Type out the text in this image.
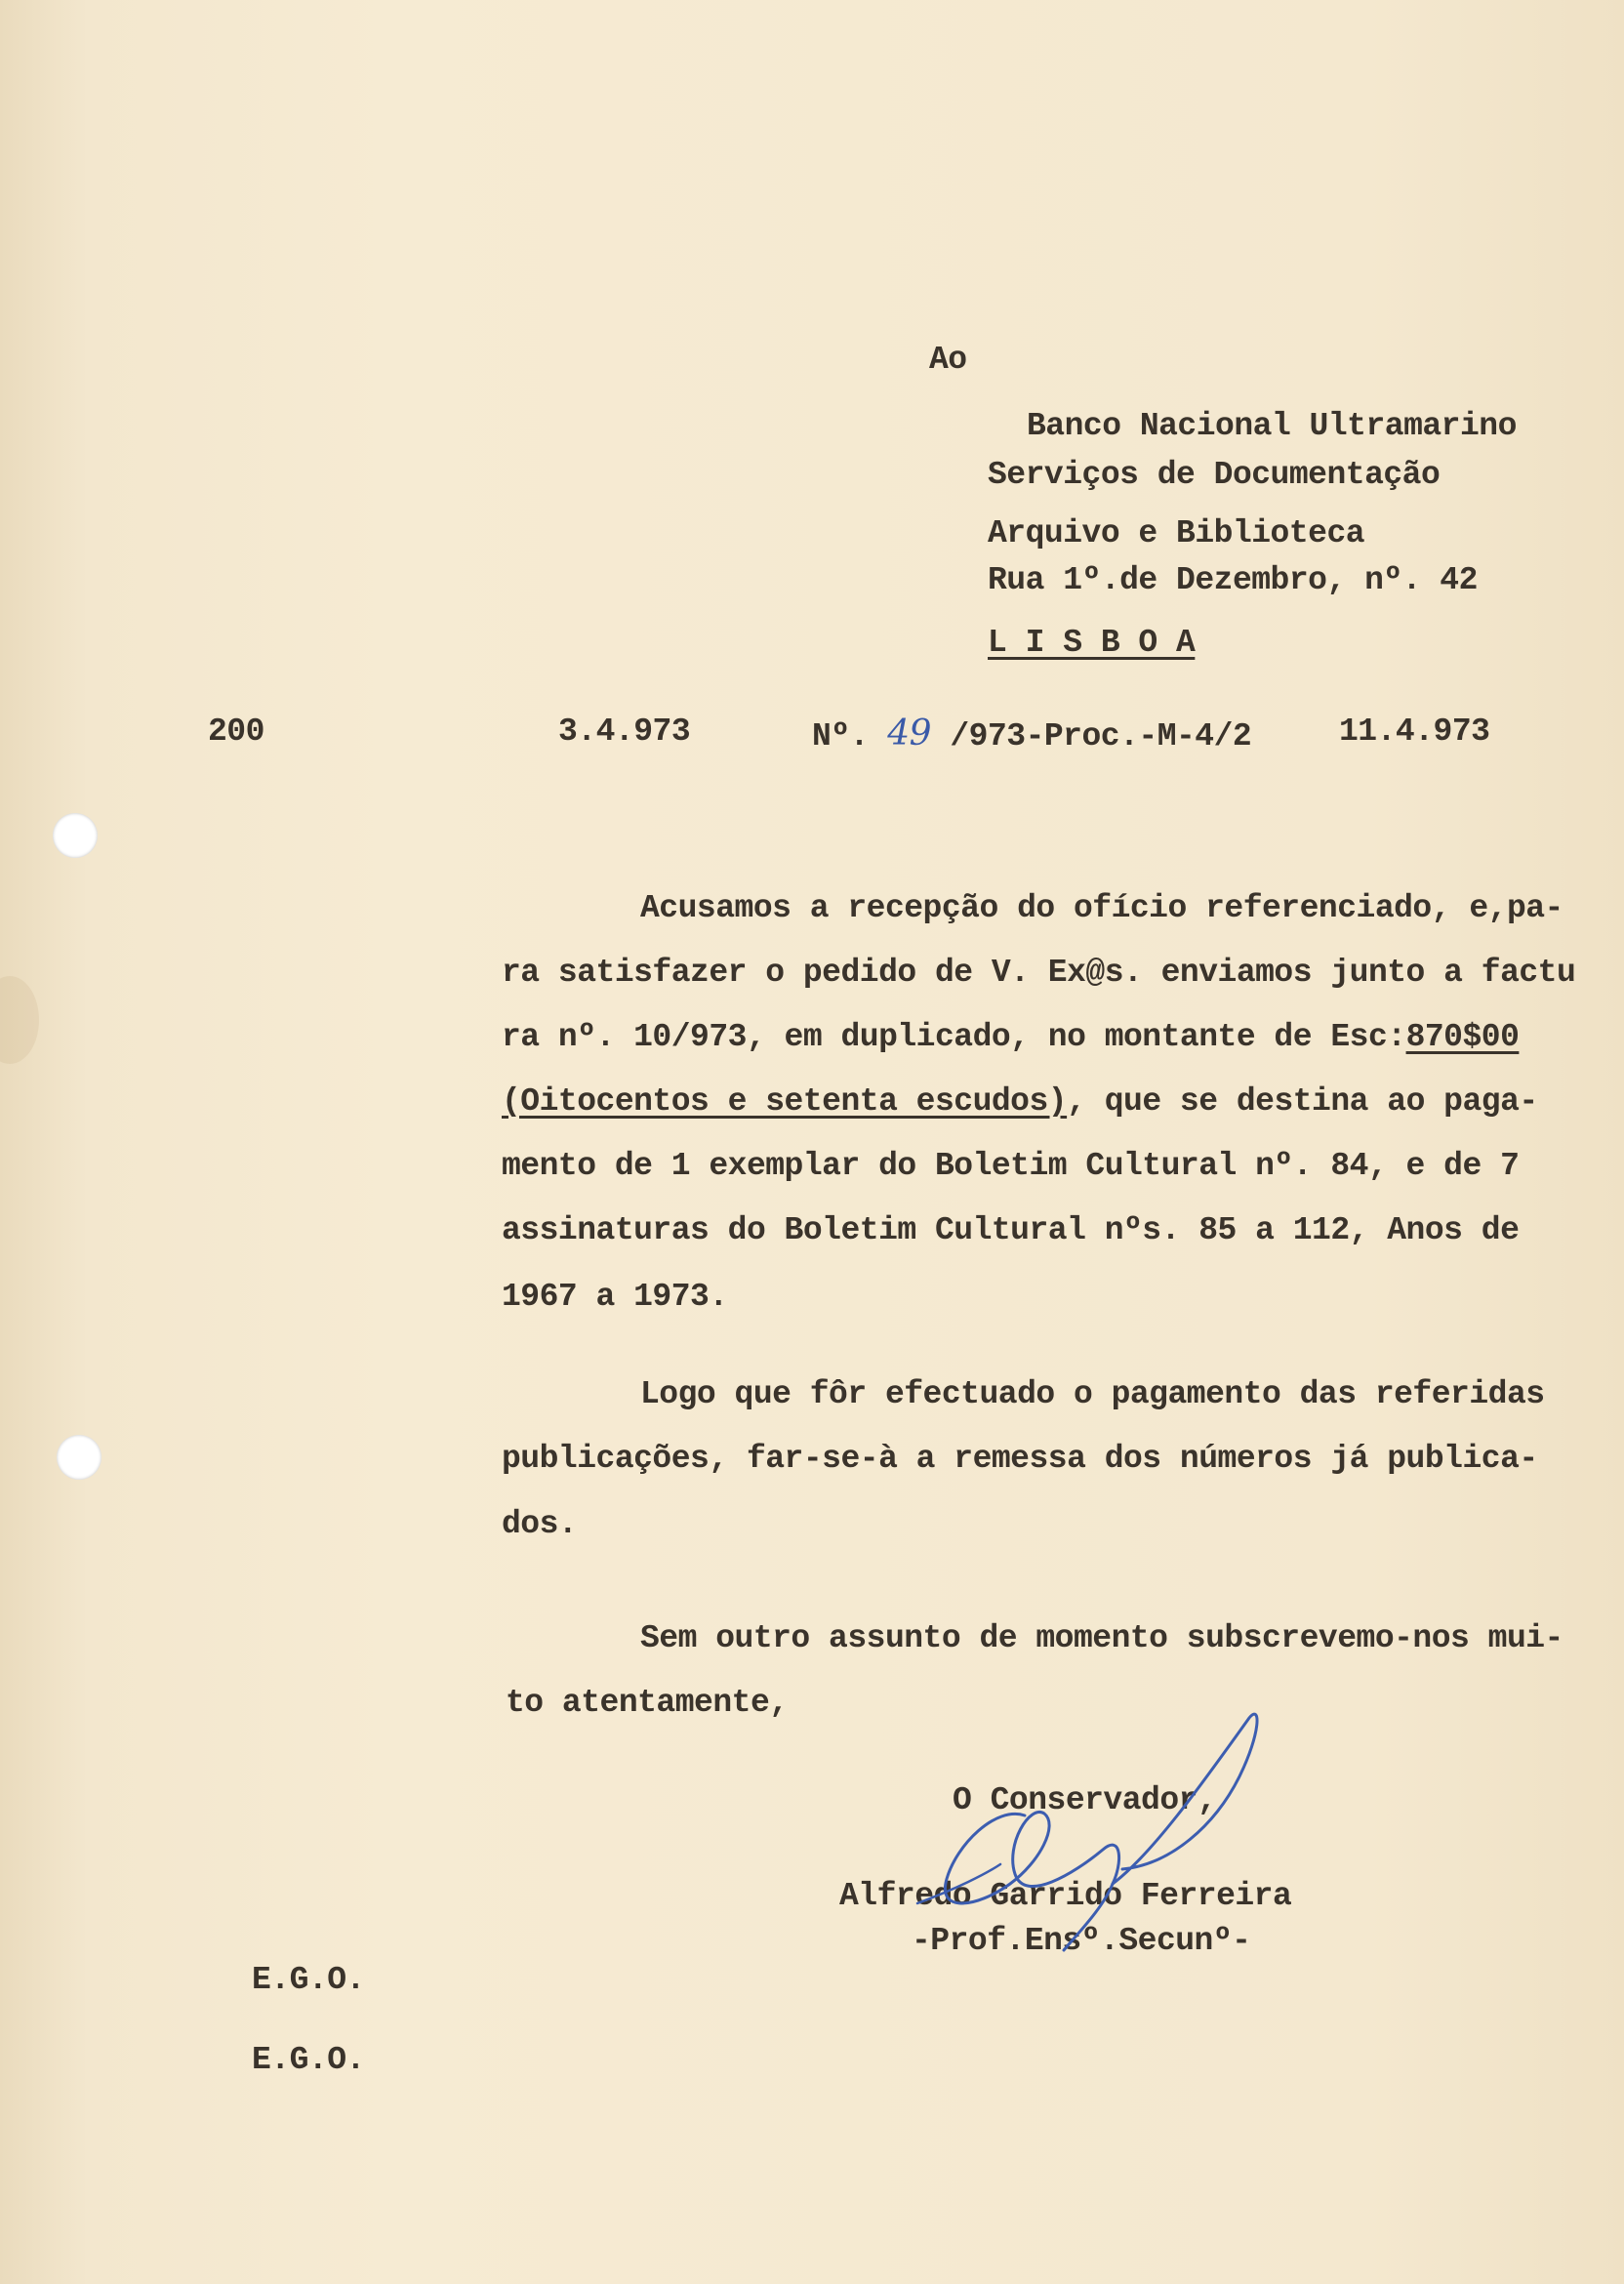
Ao
Banco Nacional Ultramarino
Serviços de Documentação
Arquivo e Biblioteca
Rua 1º.de Dezembro, nº. 42
L I S B O A
200	3.4.973	Nº. 49 /973-Proc.-M-4/2	11.4.973
Acusamos a recepção do ofício referenciado, e,pa-
ra satisfazer o pedido de V. Ex@s. enviamos junto a factu
ra nº. 10/973, em duplicado, no montante de Esc:870$00
(Oitocentos e setenta escudos), que se destina ao paga-
mento de 1 exemplar do Boletim Cultural nº. 84, e de 7
assinaturas do Boletim Cultural nºs. 85 a 112, Anos de
1967 a 1973.
Logo que fôr efectuado o pagamento das referidas
publicações, far-se-à a remessa dos números já publica-
dos.
Sem outro assunto de momento subscrevemo-nos mui-
to atentamente,
O Conservador,
Alfredo Garrido Ferreira
-Prof.Ensº.Secunº-
E.G.O.
E.G.O.
